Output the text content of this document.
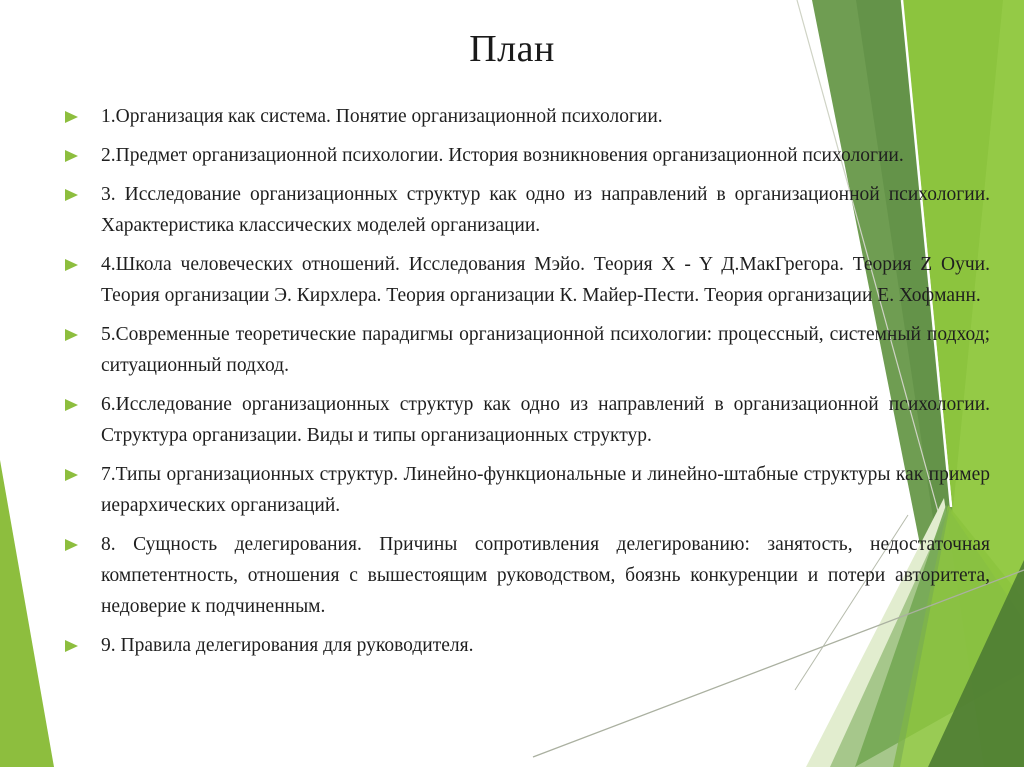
План
1.Организация как система. Понятие организационной психологии.
2.Предмет организационной психологии. История возникновения организационной психологии.
3. Исследование организационных структур как одно из направлений в организационной психологии. Характеристика классических моделей организации.
4.Школа человеческих отношений. Исследования Мэйо. Теория X - Y Д.МакГрегора. Теория Z Оучи. Теория организации Э. Кирхлера. Теория организации К. Майер-Пести. Теория организации Е. Хофманн.
5.Современные теоретические парадигмы организационной психологии: процессный, системный подход; ситуационный подход.
6.Исследование организационных структур как одно из направлений в организационной психологии. Структура организации. Виды и типы организационных структур.
7.Типы организационных структур. Линейно-функциональные и линейно-штабные структуры как пример иерархических организаций.
8. Сущность делегирования. Причины сопротивления делегированию: занятость, недостаточная компетентность, отношения с вышестоящим руководством, боязнь конкуренции и потери авторитета, недоверие к подчиненным.
9. Правила делегирования для руководителя.
